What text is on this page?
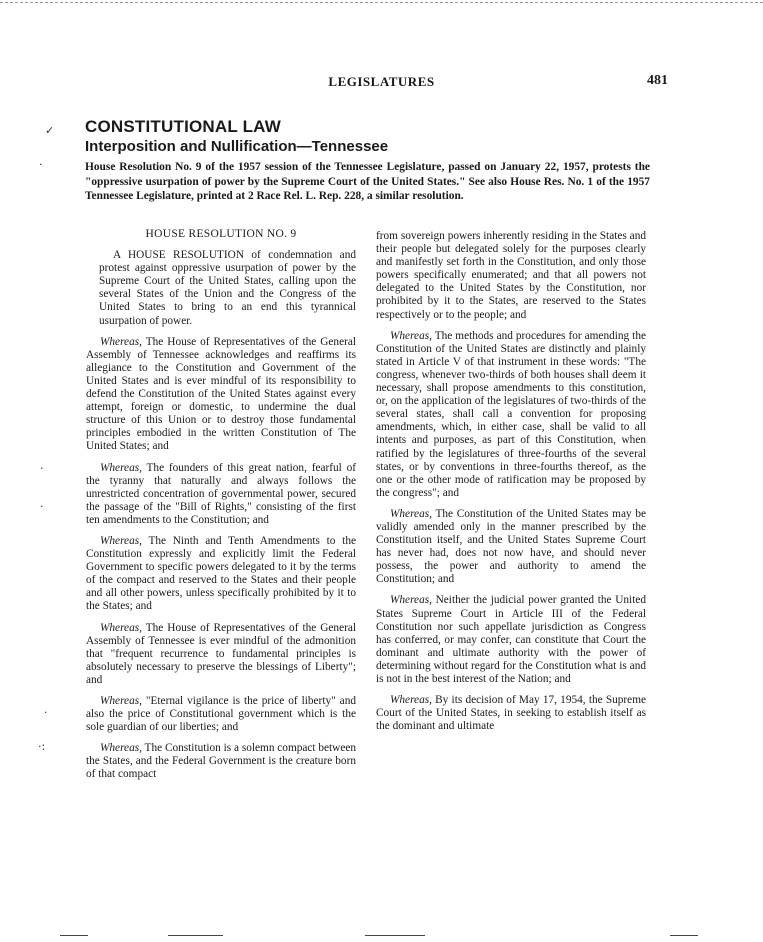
LEGISLATURES	481
✓
·
·
·
·
·:
CONSTITUTIONAL LAW
Interposition and Nullification—Tennessee
House Resolution No. 9 of the 1957 session of the Tennessee Legislature, passed on January 22, 1957, protests the "oppressive usurpation of power by the Supreme Court of the United States." See also House Res. No. 1 of the 1957 Tennessee Legislature, printed at 2 Race Rel. L. Rep. 228, a similar resolution.
HOUSE RESOLUTION NO. 9

A HOUSE RESOLUTION of condemnation and protest against oppressive usurpation of power by the Supreme Court of the United States, calling upon the several States of the Union and the Congress of the United States to bring to an end this tyrannical usurpation of power.

Whereas, The House of Representatives of the General Assembly of Tennessee acknowledges and reaffirms its allegiance to the Constitution and Government of the United States and is ever mindful of its responsibility to defend the Constitution of the United States against every attempt, foreign or domestic, to undermine the dual structure of this Union or to destroy those fundamental principles embodied in the written Constitution of The United States; and

Whereas, The founders of this great nation, fearful of the tyranny that naturally and always follows the unrestricted concentration of governmental power, secured the passage of the "Bill of Rights," consisting of the first ten amendments to the Constitution; and

Whereas, The Ninth and Tenth Amendments to the Constitution expressly and explicitly limit the Federal Government to specific powers delegated to it by the terms of the compact and reserved to the States and their people and all other powers, unless specifically prohibited by it to the States; and

Whereas, The House of Representatives of the General Assembly of Tennessee is ever mindful of the admonition that "frequent recurrence to fundamental principles is absolutely necessary to preserve the blessings of Liberty"; and

Whereas, "Eternal vigilance is the price of liberty" and also the price of Constitutional government which is the sole guardian of our liberties; and

Whereas, The Constitution is a solemn compact between the States, and the Federal Government is the creature born of that compact

from sovereign powers inherently residing in the States and their people but delegated solely for the purposes clearly and manifestly set forth in the Constitution, and only those powers specifically enumerated; and that all powers not delegated to the United States by the Constitution, nor prohibited by it to the States, are reserved to the States respectively or to the people; and

Whereas, The methods and procedures for amending the Constitution of the United States are distinctly and plainly stated in Article V of that instrument in these words: "The congress, whenever two-thirds of both houses shall deem it necessary, shall propose amendments to this constitution, or, on the application of the legislatures of two-thirds of the several states, shall call a convention for proposing amendments, which, in either case, shall be valid to all intents and purposes, as part of this Constitution, when ratified by the legislatures of three-fourths of the several states, or by conventions in three-fourths thereof, as the one or the other mode of ratification may be proposed by the congress"; and

Whereas, The Constitution of the United States may be validly amended only in the manner prescribed by the Constitution itself, and the United States Supreme Court has never had, does not now have, and should never possess, the power and authority to amend the Constitution; and

Whereas, Neither the judicial power granted the United States Supreme Court in Article III of the Federal Constitution nor such appellate jurisdiction as Congress has conferred, or may confer, can constitute that Court the dominant and ultimate authority with the power of determining without regard for the Constitution what is and is not in the best interest of the Nation; and

Whereas, By its decision of May 17, 1954, the Supreme Court of the United States, in seeking to establish itself as the dominant and ultimate
